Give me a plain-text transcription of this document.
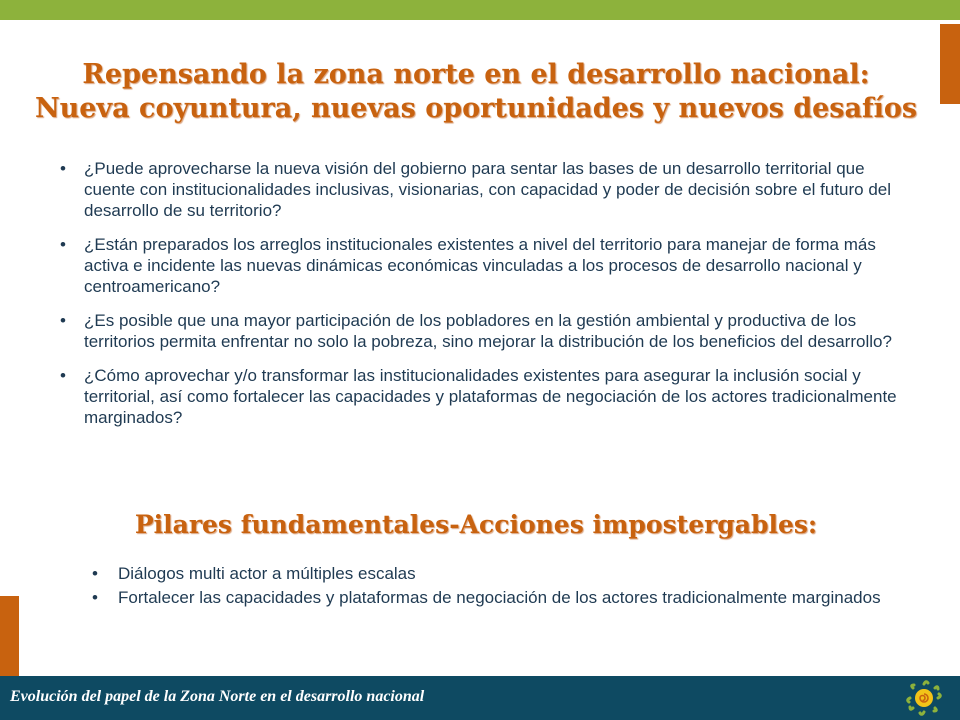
Repensando la zona norte en el desarrollo nacional:
Nueva coyuntura, nuevas oportunidades y nuevos desafíos
• ¿Puede aprovecharse la nueva visión del gobierno para sentar las bases de un desarrollo territorial que cuente con institucionalidades inclusivas, visionarias, con capacidad y poder de decisión sobre el futuro del desarrollo de su territorio?
• ¿Están preparados los arreglos institucionales existentes a nivel del territorio para manejar de forma más activa e incidente las nuevas dinámicas económicas vinculadas a los procesos de desarrollo nacional y centroamericano?
• ¿Es posible que una mayor participación de los pobladores en la gestión ambiental y productiva de los territorios permita enfrentar no solo la pobreza, sino mejorar la distribución de los beneficios del desarrollo?
• ¿Cómo aprovechar y/o transformar las institucionalidades existentes para asegurar la inclusión social y territorial, así como fortalecer las capacidades y plataformas de negociación de los actores tradicionalmente marginados?
Pilares fundamentales-Acciones impostergables:
• Diálogos multi actor a múltiples escalas
• Fortalecer las capacidades y plataformas de negociación de los actores tradicionalmente marginados
Evolución del papel de la Zona Norte en el desarrollo nacional
